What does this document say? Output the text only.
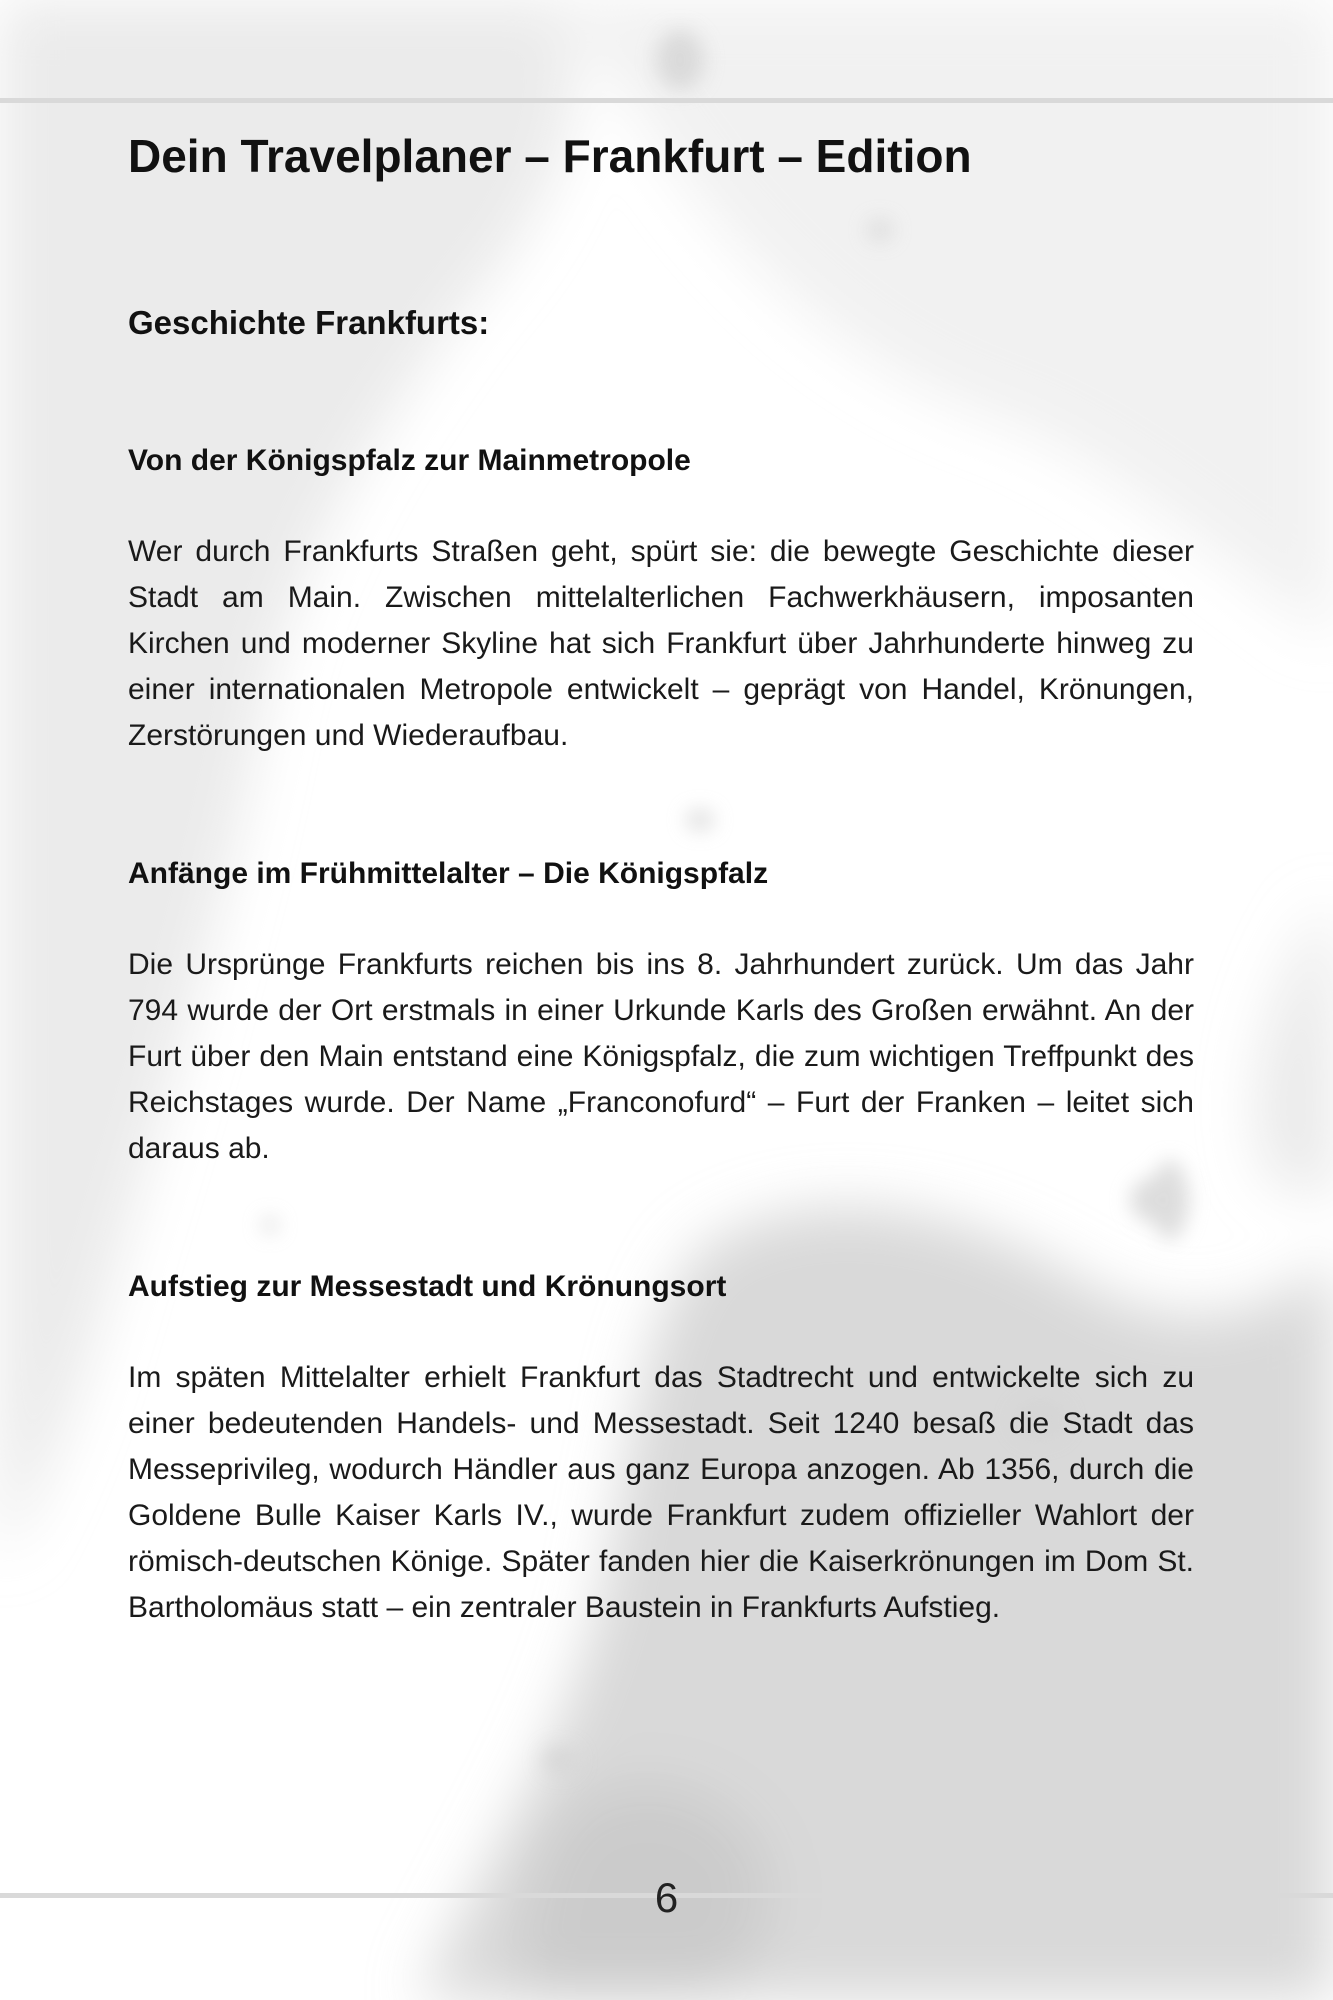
Dein Travelplaner – Frankfurt – Edition
Geschichte Frankfurts:
Von der Königspfalz zur Mainmetropole

Wer durch Frankfurts Straßen geht, spürt sie: die bewegte Geschichte dieser Stadt am Main. Zwischen mittelalterlichen Fachwerkhäusern, imposanten Kirchen und moderner Skyline hat sich Frankfurt über Jahrhunderte hinweg zu einer internationalen Metropole entwickelt – geprägt von Handel, Krönungen, Zerstörungen und Wiederaufbau.

Anfänge im Frühmittelalter – Die Königspfalz

Die Ursprünge Frankfurts reichen bis ins 8. Jahrhundert zurück. Um das Jahr 794 wurde der Ort erstmals in einer Urkunde Karls des Großen erwähnt. An der Furt über den Main entstand eine Königspfalz, die zum wichtigen Treffpunkt des Reichstages wurde. Der Name „Franconofurd“ – Furt der Franken – leitet sich daraus ab.

Aufstieg zur Messestadt und Krönungsort

Im späten Mittelalter erhielt Frankfurt das Stadtrecht und entwickelte sich zu einer bedeutenden Handels- und Messestadt. Seit 1240 besaß die Stadt das Messeprivileg, wodurch Händler aus ganz Europa anzogen. Ab 1356, durch die Goldene Bulle Kaiser Karls IV., wurde Frankfurt zudem offizieller Wahlort der römisch-deutschen Könige. Später fanden hier die Kaiserkrönungen im Dom St. Bartholomäus statt – ein zentraler Baustein in Frankfurts Aufstieg.

6
